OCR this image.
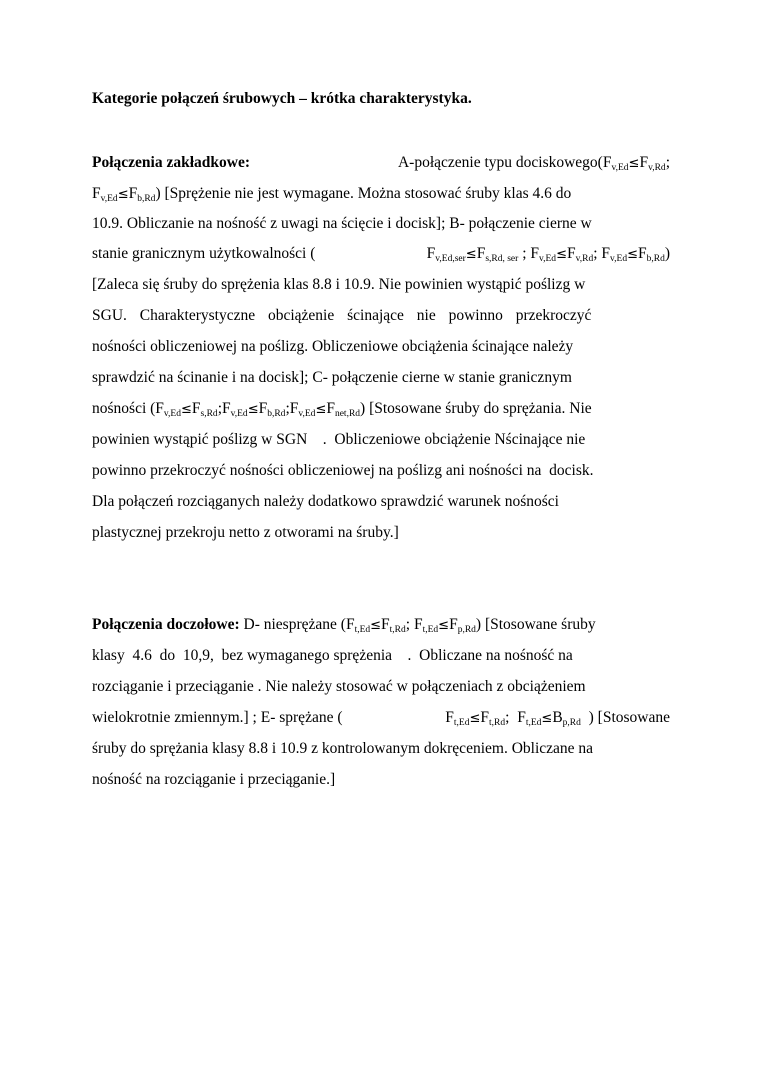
Kategorie połączeń śrubowych – krótka charakterystyka.
Połączenia zakładkowe:	A-połączenie typu $dociskowego(F_{v,Ed}\le F_{v,Rd}$;
$F_{v,Ed}\le F_{b,Rd}$ ) [Sprężenie nie jest wymagane. Można stosować śruby klas 4.6 do
10.9. Obliczanie na nośność z uwagi na ścięcie i docisk]; B- połączenie cierne w
stanie granicznym użytkowalności (	$F_{v,Ed,ser}\le F_{s,Rd, ser}$ ; $F_{v,Ed}\le F_{v,Rd}$; $F_{v,Ed}\le F_{b,Rd}$)
[Zaleca się śruby do sprężenia klas 8.8 i 10.9. Nie powinien wystąpić poślizg w
SGU. Charakterystyczne obciążenie ścinające nie powinno przekroczyć
nośności obliczeniowej na poślizg. Obliczeniowe obciążenia ścinające należy
sprawdzić na ścinanie i na docisk]; C- połączenie cierne w stanie granicznym
nośności $(F_{v,Ed}\le F_{s,Rd};F_{v,Ed}\le F_{b,Rd};F_{v,Ed}\le F_{net,Rd})$ [Stosowane śruby do sprężania. Nie
powinien wystąpić poślizg w SGN    .  Obliczeniowe obciążenie Nścinające nie
powinno przekroczyć nośności obliczeniowej na poślizg ani nośności na  docisk.
Dla połączeń rozciąganych należy dodatkowo sprawdzić warunek nośności
plastycznej przekroju netto z otworami na śruby.]
Połączenia doczołowe: D- niesprężane ($F_{t,Ed}\le F_{t,Rd}$; $F_{t,Ed}\le F_{p,Rd}$) [Stosowane śruby
klasy  4.6  do  10,9,  bez wymaganego sprężenia    .  Obliczane na nośność na
rozciąganie i przeciąganie . Nie należy stosować w połączeniach z obciążeniem
wielokrotnie zmiennym.] ; E- sprężane (	$F_{t,Ed}\le F_{t,Rd}$;  $F_{t,Ed}\le B_{p,Rd}$  ) [Stosowane
śruby do sprężania klasy 8.8 i 10.9 z kontrolowanym dokręceniem. Obliczane na
nośność na rozciąganie i przeciąganie.]
